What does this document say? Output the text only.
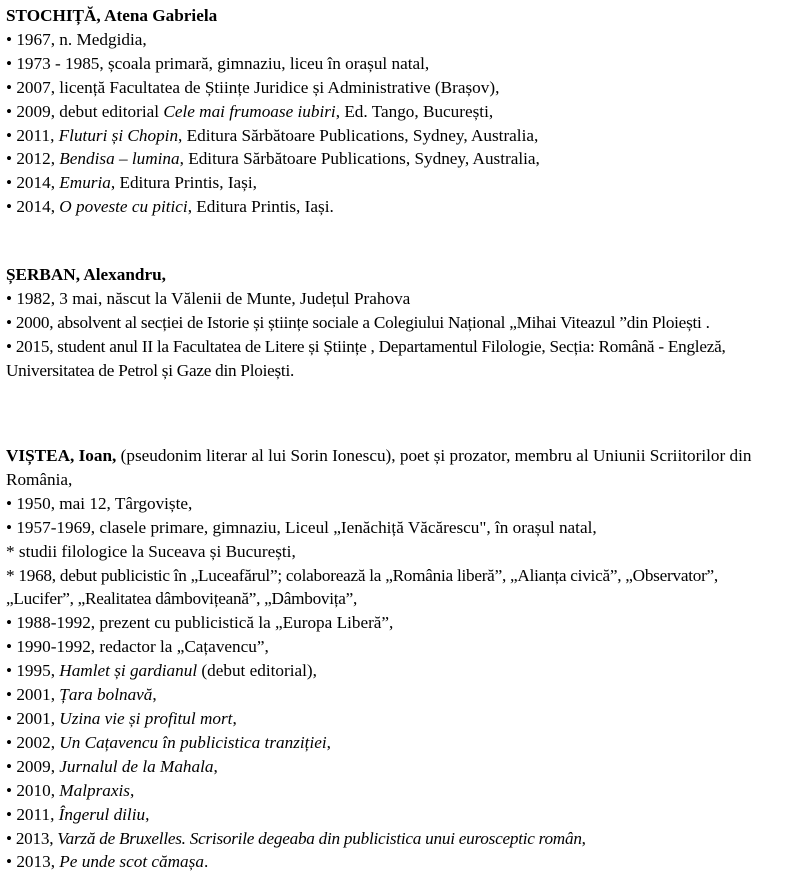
STOCHIȚĂ, Atena Gabriela
• 1967, n. Medgidia,
• 1973 - 1985, școala primară, gimnaziu, liceu în orașul natal,
• 2007, licență Facultatea de Științe Juridice și Administrative (Brașov),
• 2009, debut editorial Cele mai frumoase iubiri, Ed. Tango, București,
• 2011, Fluturi și Chopin, Editura Sărbătoare Publications, Sydney, Australia,
• 2012, Bendisa – lumina, Editura Sărbătoare Publications, Sydney, Australia,
• 2014, Emuria, Editura Printis, Iași,
• 2014, O poveste cu pitici, Editura Printis, Iași.
ȘERBAN, Alexandru,
• 1982, 3 mai, născut la Vălenii de Munte, Județul Prahova
• 2000, absolvent al secției de Istorie și științe sociale a Colegiului Național „Mihai Viteazul ”din Ploiești .
• 2015, student anul II la Facultatea de Litere și Științe , Departamentul Filologie, Secția: Română - Engleză, Universitatea de Petrol și Gaze din Ploiești.
VIȘTEA, Ioan, (pseudonim literar al lui Sorin Ionescu), poet și prozator, membru al Uniunii Scriitorilor din România,
• 1950, mai 12, Târgoviște,
• 1957-1969, clasele primare, gimnaziu, Liceul „Ienăchiță Văcărescu", în orașul natal,
* studii filologice la Suceava și București,
* 1968, debut publicistic în „Luceafărul”; colaborează la „România liberă”, „Alianța civică”, „Observator”, „Lucifer”, „Realitatea dâmbovițeană”, „Dâmbovița”,
• 1988-1992, prezent cu publicistică la „Europa Liberă”,
• 1990-1992, redactor la „Cațavencu”,
• 1995, Hamlet și gardianul (debut editorial),
• 2001, Țara bolnavă,
• 2001, Uzina vie și profitul mort,
• 2002, Un Cațavencu în publicistica tranziției,
• 2009, Jurnalul de la Mahala,
• 2010, Malpraxis,
• 2011, Îngerul diliu,
• 2013, Varză de Bruxelles. Scrisorile degeaba din publicistica unui eurosceptic român,
• 2013, Pe unde scot cămașa.
